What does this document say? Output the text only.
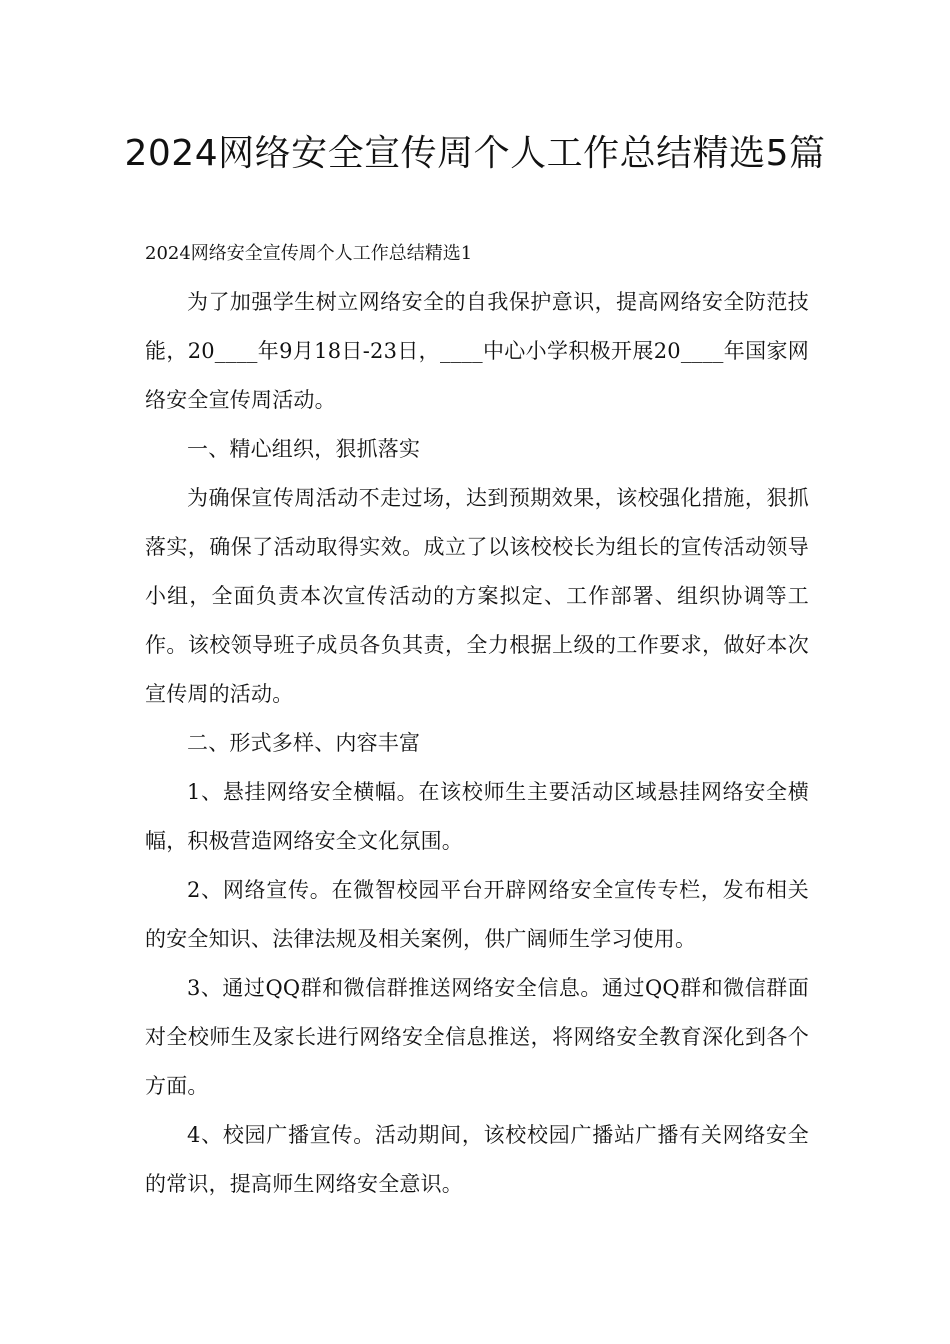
2024网络安全宣传周个人工作总结精选5篇

2024网络安全宣传周个人工作总结精选1

为了加强学生树立网络安全的自我保护意识，提高网络安全防范技能，20____年9月18日-23日，____中心小学积极开展20____年国家网络安全宣传周活动。

一、精心组织，狠抓落实

为确保宣传周活动不走过场，达到预期效果，该校强化措施，狠抓落实，确保了活动取得实效。成立了以该校校长为组长的宣传活动领导小组，全面负责本次宣传活动的方案拟定、工作部署、组织协调等工作。该校领导班子成员各负其责，全力根据上级的工作要求，做好本次宣传周的活动。

二、形式多样、内容丰富

1、悬挂网络安全横幅。在该校师生主要活动区域悬挂网络安全横幅，积极营造网络安全文化氛围。

2、网络宣传。在微智校园平台开辟网络安全宣传专栏，发布相关的安全知识、法律法规及相关案例，供广阔师生学习使用。

3、通过QQ群和微信群推送网络安全信息。通过QQ群和微信群面对全校师生及家长进行网络安全信息推送，将网络安全教育深化到各个方面。

4、校园广播宣传。活动期间，该校校园广播站广播有关网络安全的常识，提高师生网络安全意识。
